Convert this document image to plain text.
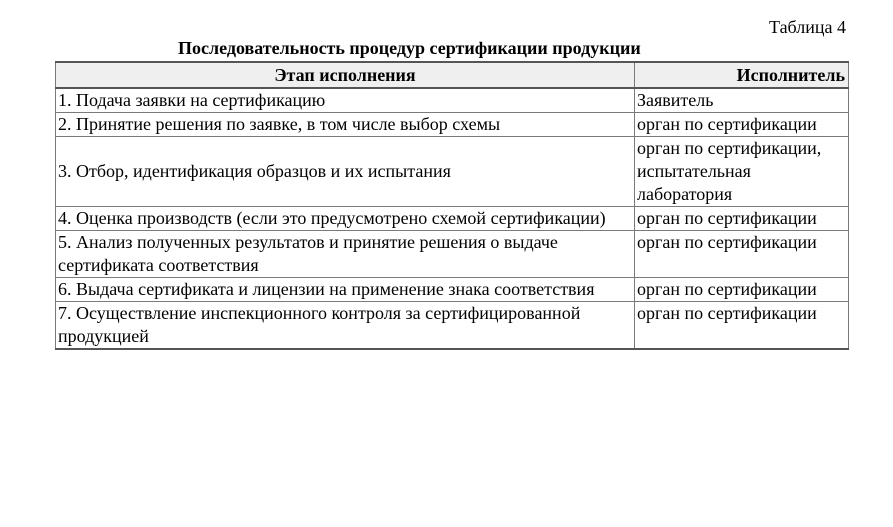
Таблица 4
Последовательность процедур сертификации продукции
Этап исполнения	Исполнитель
1. Подача заявки на сертификацию	Заявитель
2. Принятие решения по заявке, в том числе выбор схемы	орган по сертификации
3. Отбор, идентификация образцов и их испытания	орган по сертификации, испытательная лаборатория
4. Оценка производств (если это предусмотрено схемой сертификации)	орган по сертификации
5. Анализ полученных результатов и принятие решения о выдаче сертификата соответствия	орган по сертификации
6. Выдача сертификата и лицензии на применение знака соответствия	орган по сертификации
7. Осуществление инспекционного контроля за сертифицированной продукцией	орган по сертификации
